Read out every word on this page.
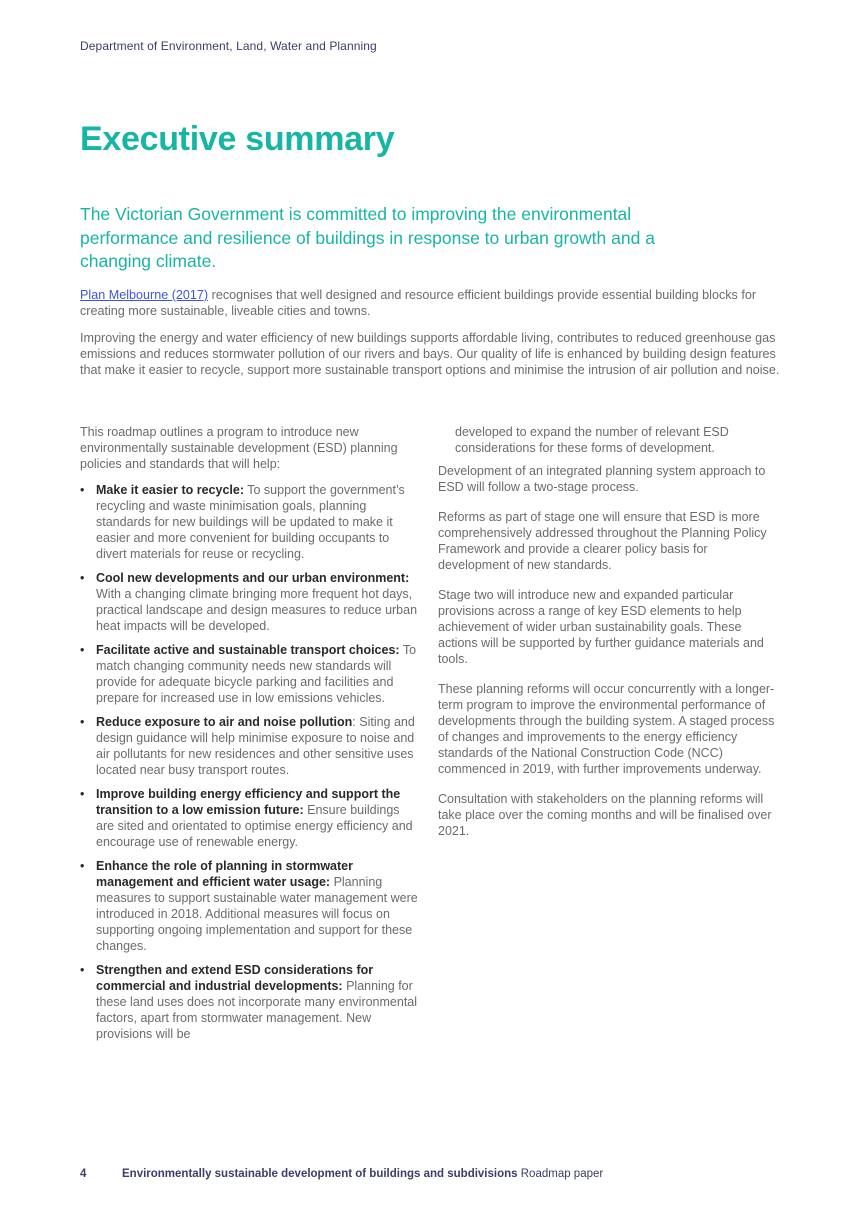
Department of Environment, Land, Water and Planning
Executive summary

The Victorian Government is committed to improving the environmental performance and resilience of buildings in response to urban growth and a changing climate.

Plan Melbourne (2017) recognises that well designed and resource efficient buildings provide essential building blocks for creating more sustainable, liveable cities and towns.

Improving the energy and water efficiency of new buildings supports affordable living, contributes to reduced greenhouse gas emissions and reduces stormwater pollution of our rivers and bays. Our quality of life is enhanced by building design features that make it easier to recycle, support more sustainable transport options and minimise the intrusion of air pollution and noise.

This roadmap outlines a program to introduce new environmentally sustainable development (ESD) planning policies and standards that will help:

• Make it easier to recycle: To support the government’s recycling and waste minimisation goals, planning standards for new buildings will be updated to make it easier and more convenient for building occupants to divert materials for reuse or recycling.
• Cool new developments and our urban environment: With a changing climate bringing more frequent hot days, practical landscape and design measures to reduce urban heat impacts will be developed.
• Facilitate active and sustainable transport choices: To match changing community needs new standards will provide for adequate bicycle parking and facilities and prepare for increased use in low emissions vehicles.
• Reduce exposure to air and noise pollution: Siting and design guidance will help minimise exposure to noise and air pollutants for new residences and other sensitive uses located near busy transport routes.
• Improve building energy efficiency and support the transition to a low emission future: Ensure buildings are sited and orientated to optimise energy efficiency and encourage use of renewable energy.
• Enhance the role of planning in stormwater management and efficient water usage: Planning measures to support sustainable water management were introduced in 2018. Additional measures will focus on supporting ongoing implementation and support for these changes.
• Strengthen and extend ESD considerations for commercial and industrial developments: Planning for these land uses does not incorporate many environmental factors, apart from stormwater management. New provisions will be

developed to expand the number of relevant ESD considerations for these forms of development.

Development of an integrated planning system approach to ESD will follow a two-stage process.

Reforms as part of stage one will ensure that ESD is more comprehensively addressed throughout the Planning Policy Framework and provide a clearer policy basis for development of new standards.

Stage two will introduce new and expanded particular provisions across a range of key ESD elements to help achievement of wider urban sustainability goals. These actions will be supported by further guidance materials and tools.

These planning reforms will occur concurrently with a longer-term program to improve the environmental performance of developments through the building system. A staged process of changes and improvements to the energy efficiency standards of the National Construction Code (NCC) commenced in 2019, with further improvements underway.

Consultation with stakeholders on the planning reforms will take place over the coming months and will be finalised over 2021.

4	Environmentally sustainable development of buildings and subdivisions Roadmap paper
